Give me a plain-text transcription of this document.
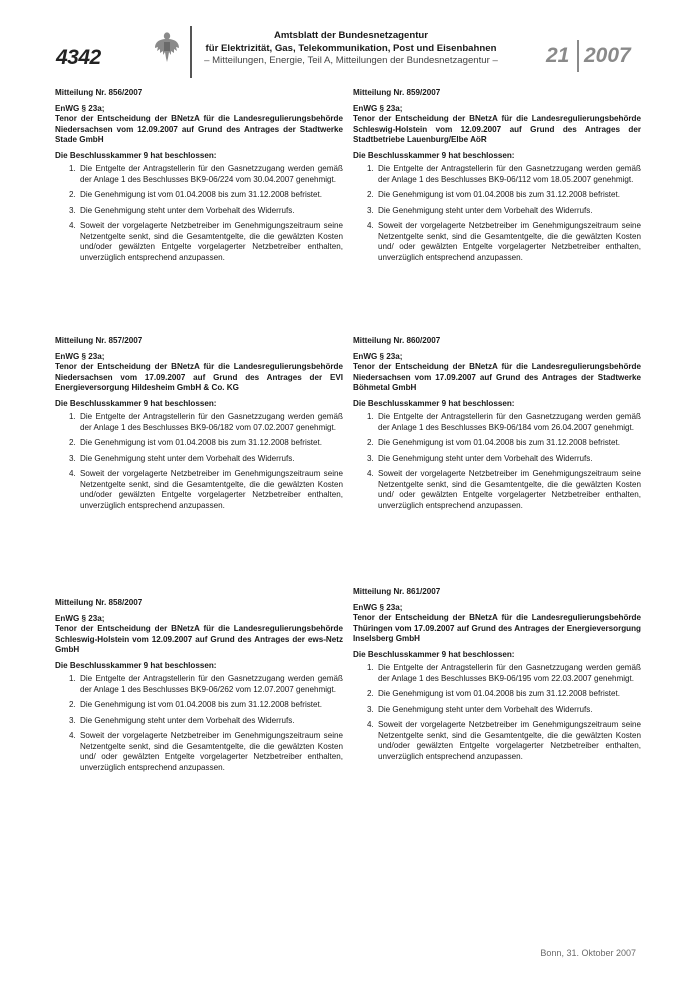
4342
Amtsblatt der Bundesnetzagentur
für Elektrizität, Gas, Telekommunikation, Post und Eisenbahnen
– Mitteilungen, Energie, Teil A, Mitteilungen der Bundesnetzagentur –	21 2007

Mitteilung Nr. 856/2007

EnWG § 23a;

Tenor der Entscheidung der BNetzA für die Landesregulierungsbehörde Niedersachsen vom 12.09.2007 auf Grund des Antrages der Stadtwerke Stade GmbH

Die Beschlusskammer 9 hat beschlossen:

1. Die Entgelte der Antragstellerin für den Gasnetzzugang werden gemäß der Anlage 1 des Beschlusses BK9-06/224 vom 30.04.2007 genehmigt.
2. Die Genehmigung ist vom 01.04.2008 bis zum 31.12.2008 befristet.
3. Die Genehmigung steht unter dem Vorbehalt des Widerrufs.
4. Soweit der vorgelagerte Netzbetreiber im Genehmigungszeitraum seine Netzentgelte senkt, sind die Gesamtentgelte, die die gewälzten Kosten und/oder gewälzten Entgelte vorgelagerter Netzbetreiber enthalten, unverzüglich entsprechend anzupassen.

Mitteilung Nr. 857/2007

EnWG § 23a;

Tenor der Entscheidung der BNetzA für die Landesregulierungsbehörde Niedersachsen vom 17.09.2007 auf Grund des Antrages der EVI Energieversorgung Hildesheim GmbH & Co. KG

Die Beschlusskammer 9 hat beschlossen:

1. Die Entgelte der Antragstellerin für den Gasnetzzugang werden gemäß der Anlage 1 des Beschlusses BK9-06/182 vom 07.02.2007 genehmigt.
2. Die Genehmigung ist vom 01.04.2008 bis zum 31.12.2008 befristet.
3. Die Genehmigung steht unter dem Vorbehalt des Widerrufs.
4. Soweit der vorgelagerte Netzbetreiber im Genehmigungszeitraum seine Netzentgelte senkt, sind die Gesamtentgelte, die die gewälzten Kosten und/oder gewälzten Entgelte vorgelagerter Netzbetreiber enthalten, unverzüglich entsprechend anzupassen.

Mitteilung Nr. 858/2007

EnWG § 23a;

Tenor der Entscheidung der BNetzA für die Landesregulierungsbehörde Schleswig-Holstein vom 12.09.2007 auf Grund des Antrages der ews-Netz GmbH

Die Beschlusskammer 9 hat beschlossen:

1. Die Entgelte der Antragstellerin für den Gasnetzzugang werden gemäß der Anlage 1 des Beschlusses BK9-06/262 vom 12.07.2007 genehmigt.
2. Die Genehmigung ist vom 01.04.2008 bis zum 31.12.2008 befristet.
3. Die Genehmigung steht unter dem Vorbehalt des Widerrufs.
4. Soweit der vorgelagerte Netzbetreiber im Genehmigungszeitraum seine Netzentgelte senkt, sind die Gesamtentgelte, die die gewälzten Kosten und/ oder gewälzten Entgelte vorgelagerter Netzbetreiber enthalten, unverzüglich entsprechend anzupassen.

Mitteilung Nr. 859/2007

EnWG § 23a;

Tenor der Entscheidung der BNetzA für die Landesregulierungsbehörde Schleswig-Holstein vom 12.09.2007 auf Grund des Antrages der Stadtbetriebe Lauenburg/Elbe AöR

Die Beschlusskammer 9 hat beschlossen:

1. Die Entgelte der Antragstellerin für den Gasnetzzugang werden gemäß der Anlage 1 des Beschlusses BK9-06/112 vom 18.05.2007 genehmigt.
2. Die Genehmigung ist vom 01.04.2008 bis zum 31.12.2008 befristet.
3. Die Genehmigung steht unter dem Vorbehalt des Widerrufs.
4. Soweit der vorgelagerte Netzbetreiber im Genehmigungszeitraum seine Netzentgelte senkt, sind die Gesamtentgelte, die die gewälzten Kosten und/ oder gewälzten Entgelte vorgelagerter Netzbetreiber enthalten, unverzüglich entsprechend anzupassen.

Mitteilung Nr. 860/2007

EnWG § 23a;

Tenor der Entscheidung der BNetzA für die Landesregulierungsbehörde Niedersachsen vom 17.09.2007 auf Grund des Antrages der Stadtwerke Böhmetal GmbH

Die Beschlusskammer 9 hat beschlossen:

1. Die Entgelte der Antragstellerin für den Gasnetzzugang werden gemäß der Anlage 1 des Beschlusses BK9-06/184 vom 26.04.2007 genehmigt.
2. Die Genehmigung ist vom 01.04.2008 bis zum 31.12.2008 befristet.
3. Die Genehmigung steht unter dem Vorbehalt des Widerrufs.
4. Soweit der vorgelagerte Netzbetreiber im Genehmigungszeitraum seine Netzentgelte senkt, sind die Gesamtentgelte, die die gewälzten Kosten und/ oder gewälzten Entgelte vorgelagerter Netzbetreiber enthalten, unverzüglich entsprechend anzupassen.

Mitteilung Nr. 861/2007

EnWG § 23a;

Tenor der Entscheidung der BNetzA für die Landesregulierungsbehörde Thüringen vom 17.09.2007 auf Grund des Antrages der Energieversorgung Inselsberg GmbH

Die Beschlusskammer 9 hat beschlossen:

1. Die Entgelte der Antragstellerin für den Gasnetzzugang werden gemäß der Anlage 1 des Beschlusses BK9-06/195 vom 22.03.2007 genehmigt.
2. Die Genehmigung ist vom 01.04.2008 bis zum 31.12.2008 befristet.
3. Die Genehmigung steht unter dem Vorbehalt des Widerrufs.
4. Soweit der vorgelagerte Netzbetreiber im Genehmigungszeitraum seine Netzentgelte senkt, sind die Gesamtentgelte, die die gewälzten Kosten und/oder gewälzten Entgelte vorgelagerter Netzbetreiber enthalten, unverzüglich entsprechend anzupassen.
Bonn, 31. Oktober 2007
